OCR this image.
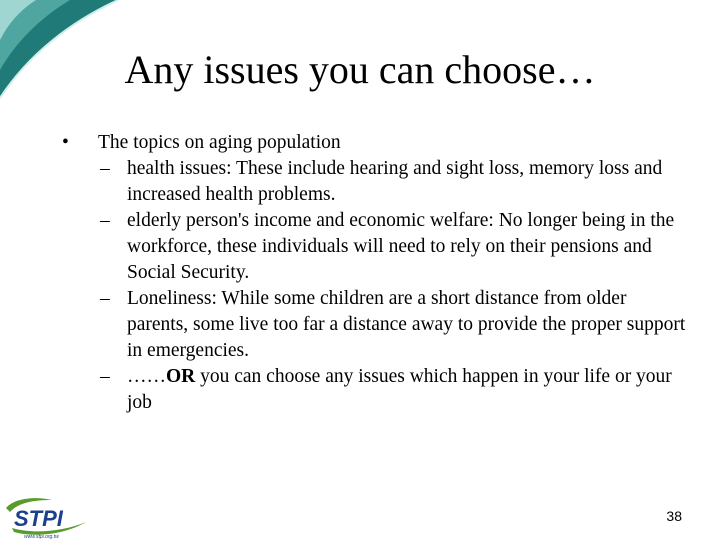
Any issues you can choose…
•	The topics on aging population
– health issues: These include hearing and sight loss, memory loss and increased health problems.
– elderly person's income and economic welfare: No longer being in the workforce, these individuals will need to rely on their pensions and Social Security.
– Loneliness: While some children are a short distance from older parents, some live too far a distance away to provide the proper support in emergencies.
– ……OR you can choose any issues which happen in your life or your job
STPI
www.stpi.org.tw
38
